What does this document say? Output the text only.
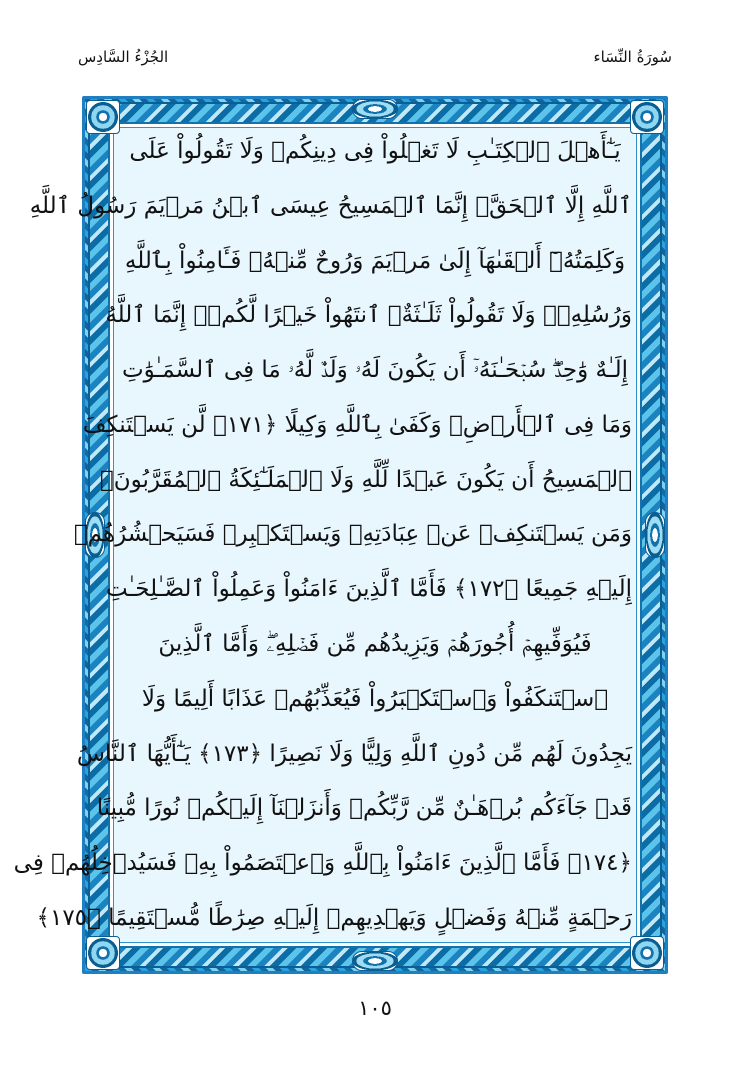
سُورَةُ النِّسَاء
الجُزْءُ السَّادِس
يَـٰٓأَهۡلَ ٱلۡكِتَـٰبِ لَا تَغۡلُواْ فِى دِينِكُمۡ وَلَا تَقُولُواْ عَلَى
ٱللَّهِ إِلَّا ٱلۡحَقَّۚ إِنَّمَا ٱلۡمَسِيحُ عِيسَى ٱبۡنُ مَرۡيَمَ رَسُولُ ٱللَّهِ
وَكَلِمَتُهُۥٓ أَلۡقَىٰهَآ إِلَىٰ مَرۡيَمَ وَرُوحٌ مِّنۡهُۖ فَـَٔامِنُواْ بِٱللَّهِ
وَرُسُلِهِۦۖ وَلَا تَقُولُواْ ثَلَـٰثَةٌۚ ٱنتَهُواْ خَيۡرًا لَّكُمۡۚ إِنَّمَا ٱللَّهُ
إِلَـٰهٌ وَٰحِدٌۖ سُبۡحَـٰنَهُۥٓ أَن يَكُونَ لَهُۥ وَلَدٌۘ لَّهُۥ مَا فِى ٱلسَّمَـٰوَٰتِ
وَمَا فِى ٱلۡأَرۡضِۗ وَكَفَىٰ بِٱللَّهِ وَكِيلًا ﴿١٧١﴾ لَّن يَسۡتَنكِفَ
ٱلۡمَسِيحُ أَن يَكُونَ عَبۡدًا لِّلَّهِ وَلَا ٱلۡمَلَـٰٓئِكَةُ ٱلۡمُقَرَّبُونَۚ
وَمَن يَسۡتَنكِفۡ عَنۡ عِبَادَتِهِۦ وَيَسۡتَكۡبِرۡ فَسَيَحۡشُرُهُمۡ
إِلَيۡهِ جَمِيعًا ﴿١٧٢﴾ فَأَمَّا ٱلَّذِينَ ءَامَنُواْ وَعَمِلُواْ ٱلصَّـٰلِحَـٰتِ
فَيُوَفِّيهِمۡ أُجُورَهُمۡ وَيَزِيدُهُم مِّن فَضۡلِهِۦۖ وَأَمَّا ٱلَّذِينَ
ٱسۡتَنكَفُواْ وَٱسۡتَكۡبَرُواْ فَيُعَذِّبُهُمۡ عَذَابًا أَلِيمًا وَلَا
يَجِدُونَ لَهُم مِّن دُونِ ٱللَّهِ وَلِيًّا وَلَا نَصِيرًا ﴿١٧٣﴾ يَـٰٓأَيُّهَا ٱلنَّاسُ
قَدۡ جَآءَكُم بُرۡهَـٰنٌ مِّن رَّبِّكُمۡ وَأَنزَلۡنَآ إِلَيۡكُمۡ نُورًا مُّبِينًا
﴿١٧٤﴾ فَأَمَّا ٱلَّذِينَ ءَامَنُواْ بِٱللَّهِ وَٱعۡتَصَمُواْ بِهِۦ فَسَيُدۡخِلُهُمۡ فِى
رَحۡمَةٍ مِّنۡهُ وَفَضۡلٍ وَيَهۡدِيهِمۡ إِلَيۡهِ صِرَٰطًا مُّسۡتَقِيمًا ﴿١٧٥﴾
١٠٥
